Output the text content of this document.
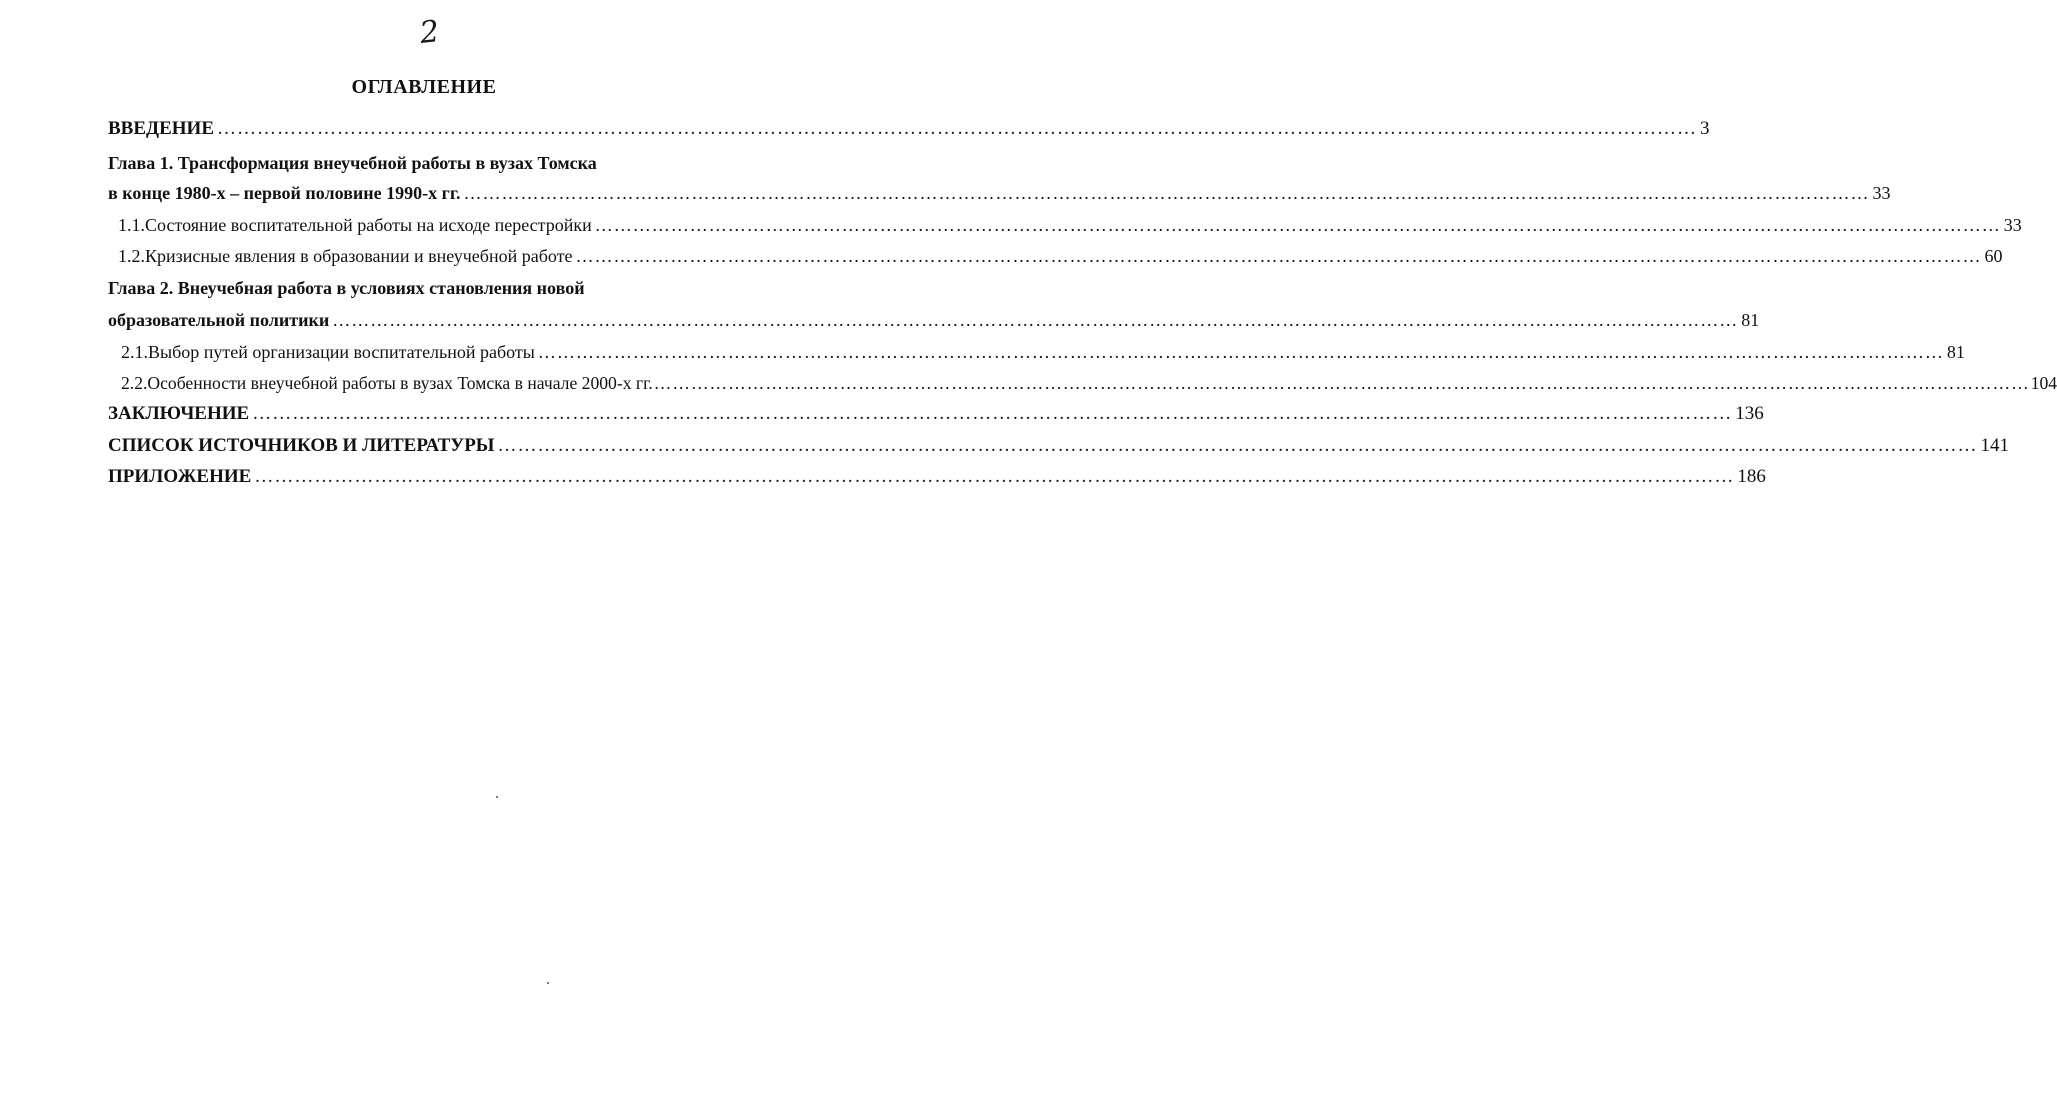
2
ОГЛАВЛЕНИЕ
ВВЕДЕНИЕ …………………………………………………………………………………………………………………………………………………………………………………………………… 3
Глава 1. Трансформация внеучебной работы в вузах Томска
в конце 1980-х – первой половине 1990-х гг. …………………………………………………………………………………………………………………………………………………………………………………………………… 33
1.1.Состояние воспитательной работы на исходе перестройки …………………………………………………………………………………………………………………………………………………………………………………………………… 33
1.2.Кризисные явления в образовании и внеучебной работе …………………………………………………………………………………………………………………………………………………………………………………………………… 60
Глава 2. Внеучебная работа в условиях становления новой
образовательной политики …………………………………………………………………………………………………………………………………………………………………………………………………… 81
2.1.Выбор путей организации воспитательной работы …………………………………………………………………………………………………………………………………………………………………………………………………… 81
2.2.Особенности внеучебной работы в вузах Томска в начале 2000-х гг. …………………………………………………………………………………………………………………………………………………………………………………………………… 104
ЗАКЛЮЧЕНИЕ …………………………………………………………………………………………………………………………………………………………………………………………………… 136
СПИСОК ИСТОЧНИКОВ И ЛИТЕРАТУРЫ …………………………………………………………………………………………………………………………………………………………………………………………………… 141
ПРИЛОЖЕНИЕ …………………………………………………………………………………………………………………………………………………………………………………………………… 186
